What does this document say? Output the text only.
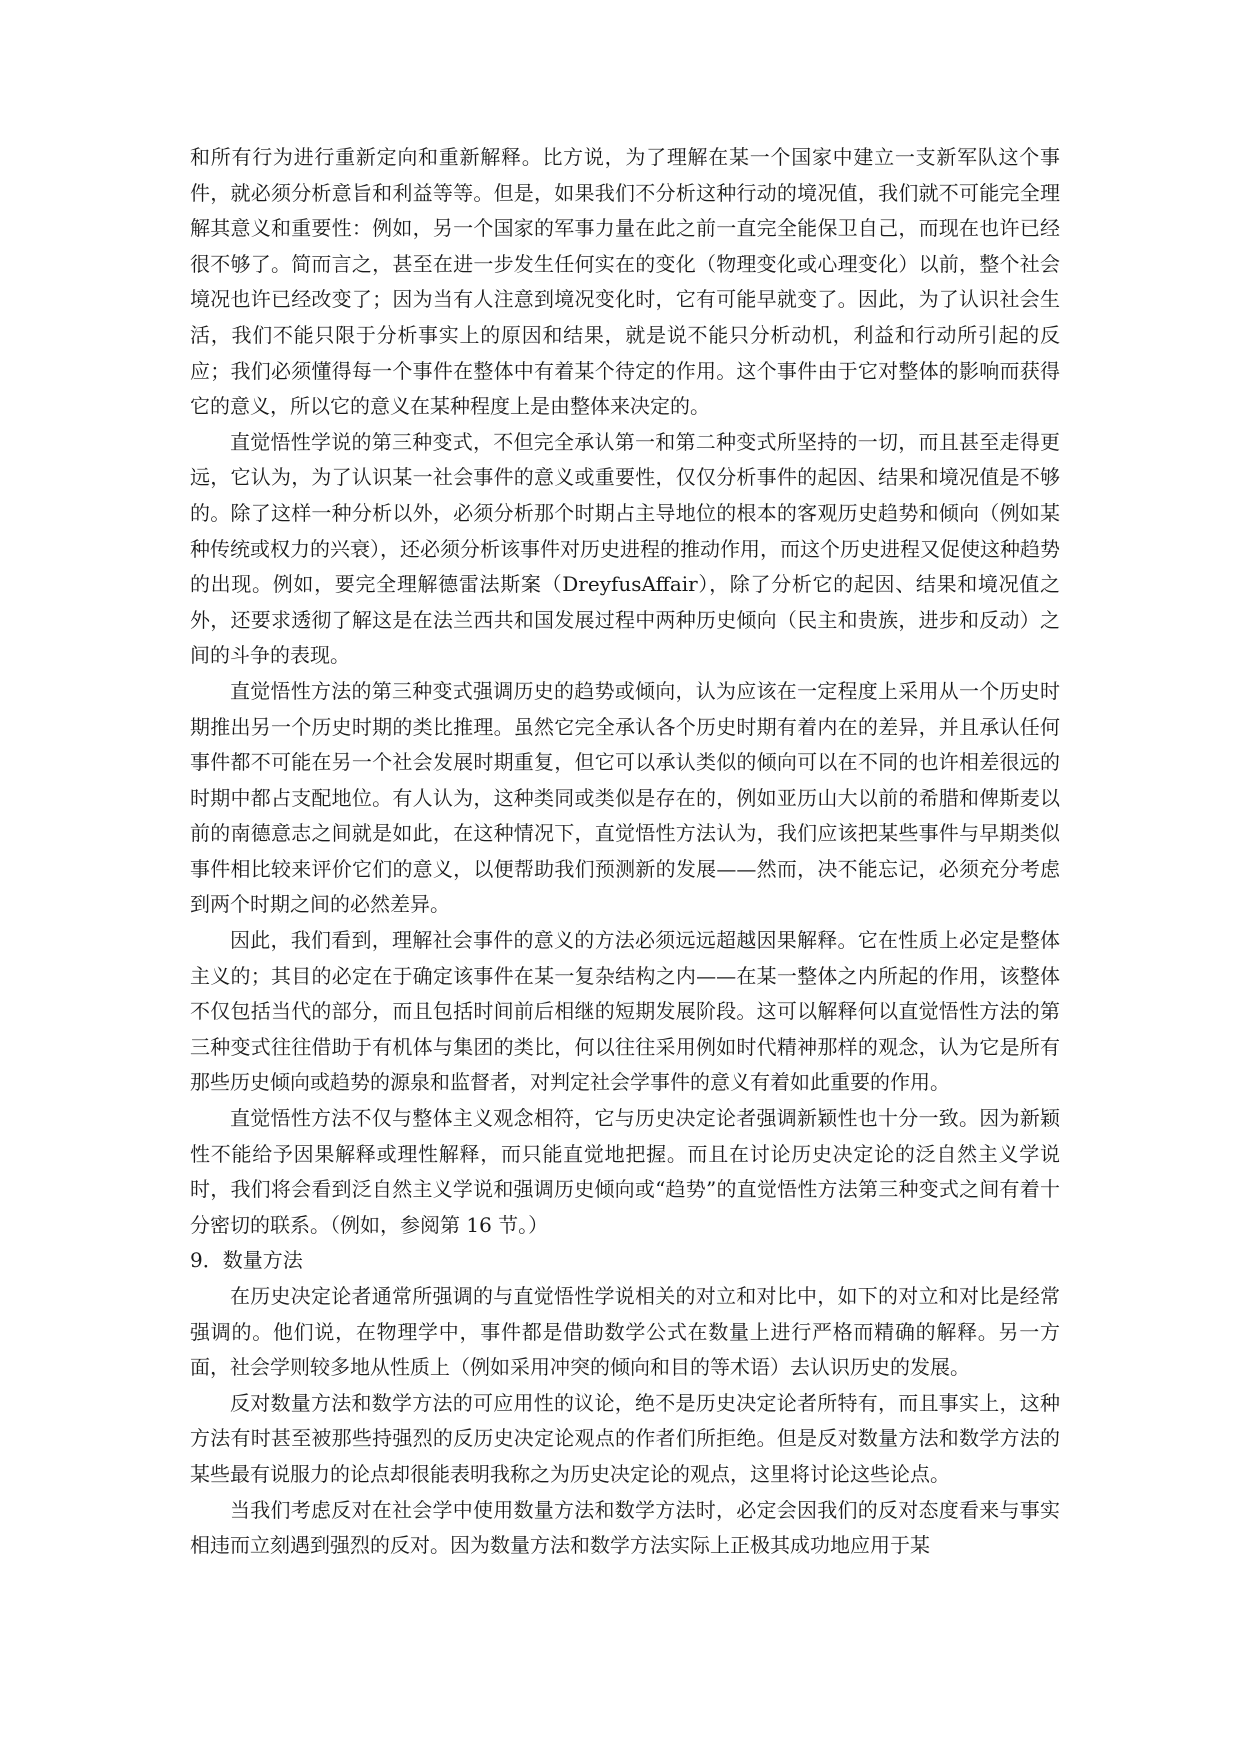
和所有行为进行重新定向和重新解释。比方说，为了理解在某一个国家中建立一支新军队这个事件，就必须分析意旨和利益等等。但是，如果我们不分析这种行动的境况值，我们就不可能完全理解其意义和重要性：例如，另一个国家的军事力量在此之前一直完全能保卫自己，而现在也许已经很不够了。简而言之，甚至在进一步发生任何实在的变化（物理变化或心理变化）以前，整个社会境况也许已经改变了；因为当有人注意到境况变化时，它有可能早就变了。因此，为了认识社会生活，我们不能只限于分析事实上的原因和结果，就是说不能只分析动机，利益和行动所引起的反应；我们必须懂得每一个事件在整体中有着某个待定的作用。这个事件由于它对整体的影响而获得它的意义，所以它的意义在某种程度上是由整体来决定的。

直觉悟性学说的第三种变式，不但完全承认第一和第二种变式所坚持的一切，而且甚至走得更远，它认为，为了认识某一社会事件的意义或重要性，仅仅分析事件的起因、结果和境况值是不够的。除了这样一种分析以外，必须分析那个时期占主导地位的根本的客观历史趋势和倾向（例如某种传统或权力的兴衰），还必须分析该事件对历史进程的推动作用，而这个历史进程又促使这种趋势的出现。例如，要完全理解德雷法斯案（DreyfusAffair），除了分析它的起因、结果和境况值之外，还要求透彻了解这是在法兰西共和国发展过程中两种历史倾向（民主和贵族，进步和反动）之间的斗争的表现。

直觉悟性方法的第三种变式强调历史的趋势或倾向，认为应该在一定程度上采用从一个历史时期推出另一个历史时期的类比推理。虽然它完全承认各个历史时期有着内在的差异，并且承认任何事件都不可能在另一个社会发展时期重复，但它可以承认类似的倾向可以在不同的也许相差很远的时期中都占支配地位。有人认为，这种类同或类似是存在的，例如亚历山大以前的希腊和俾斯麦以前的南德意志之间就是如此，在这种情况下，直觉悟性方法认为，我们应该把某些事件与早期类似事件相比较来评价它们的意义，以便帮助我们预测新的发展——然而，决不能忘记，必须充分考虑到两个时期之间的必然差异。

因此，我们看到，理解社会事件的意义的方法必须远远超越因果解释。它在性质上必定是整体主义的；其目的必定在于确定该事件在某一复杂结构之内——在某一整体之内所起的作用，该整体不仅包括当代的部分，而且包括时间前后相继的短期发展阶段。这可以解释何以直觉悟性方法的第三种变式往往借助于有机体与集团的类比，何以往往采用例如时代精神那样的观念，认为它是所有那些历史倾向或趋势的源泉和监督者，对判定社会学事件的意义有着如此重要的作用。

直觉悟性方法不仅与整体主义观念相符，它与历史决定论者强调新颖性也十分一致。因为新颖性不能给予因果解释或理性解释，而只能直觉地把握。而且在讨论历史决定论的泛自然主义学说时，我们将会看到泛自然主义学说和强调历史倾向或“趋势”的直觉悟性方法第三种变式之间有着十分密切的联系。（例如，参阅第 16 节。）

9．数量方法

在历史决定论者通常所强调的与直觉悟性学说相关的对立和对比中，如下的对立和对比是经常强调的。他们说，在物理学中，事件都是借助数学公式在数量上进行严格而精确的解释。另一方面，社会学则较多地从性质上（例如采用冲突的倾向和目的等术语）去认识历史的发展。

反对数量方法和数学方法的可应用性的议论，绝不是历史决定论者所特有，而且事实上，这种方法有时甚至被那些持强烈的反历史决定论观点的作者们所拒绝。但是反对数量方法和数学方法的某些最有说服力的论点却很能表明我称之为历史决定论的观点，这里将讨论这些论点。

当我们考虑反对在社会学中使用数量方法和数学方法时，必定会因我们的反对态度看来与事实相违而立刻遇到强烈的反对。因为数量方法和数学方法实际上正极其成功地应用于某
